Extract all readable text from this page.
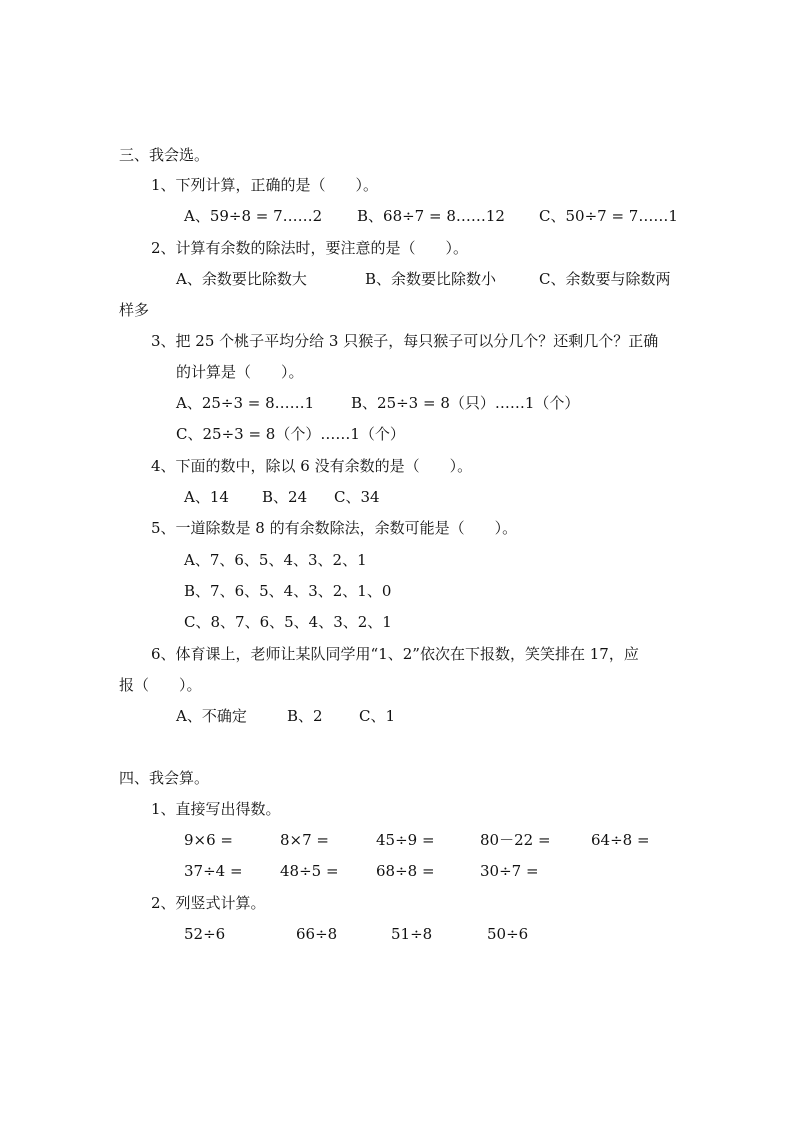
三、我会选。
1、下列计算，正确的是（　　）。
A、59÷8 = 7……2 B、68÷7 = 8……12 C、50÷7 = 7……1
2、计算有余数的除法时，要注意的是（　　）。
A、余数要比除数大	B、余数要比除数小	C、余数要与除数两
样多
3、把 25 个桃子平均分给 3 只猴子，每只猴子可以分几个？还剩几个？正确
的计算是（　　）。
A、25÷3 = 8……1 B、25÷3 = 8（只）……1（个）
C、25÷3 = 8（个）……1（个）
4、下面的数中，除以 6 没有余数的是（　　）。
A、14 B、24 C、34
5、一道除数是 8 的有余数除法，余数可能是（　　）。
A、7、6、5、4、3、2、1
B、7、6、5、4、3、2、1、0
C、8、7、6、5、4、3、2、1
6、体育课上，老师让某队同学用“1、2”依次在下报数，笑笑排在 17，应
报（　　）。
A、不确定	B、2 C、1
四、我会算。
1、直接写出得数。
9×6 =	8×7 =	45÷9 =	80－22 =	64÷8 =
37÷4 = 48÷5 = 68÷8 =	30÷7 =
2、列竖式计算。
52÷6	66÷8	51÷8	50÷6
